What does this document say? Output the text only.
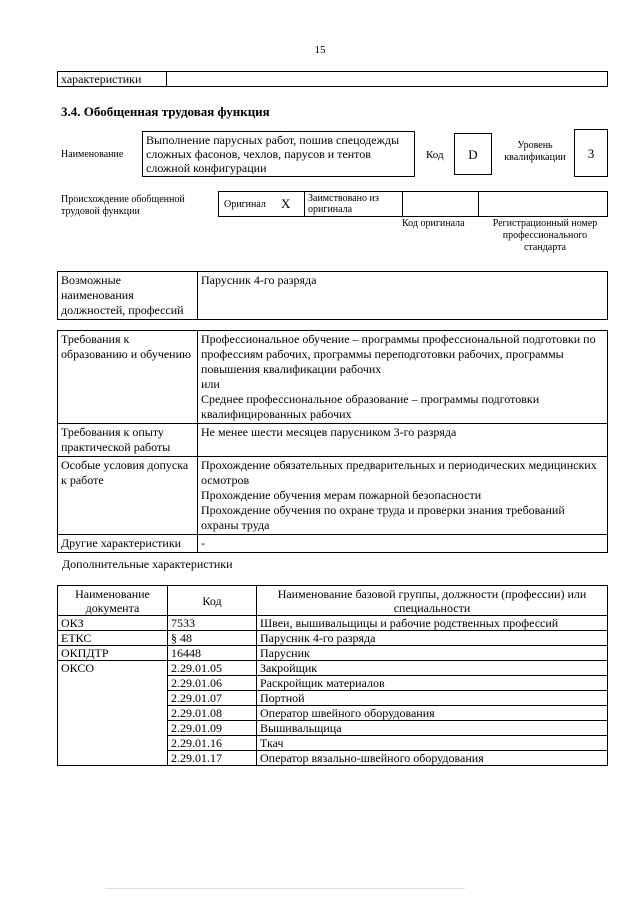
15
характеристики	
3.4. Обобщенная трудовая функция
Наименование
Выполнение парусных работ, пошив спецодежды сложных фасонов, чехлов, парусов и тентов сложной конфигурации
Код	D
Уровень квалификации	3
Происхождение обобщенной трудовой функции
Оригинал X Заимствовано из оригинала
Код оригинала	Регистрационный номер профессионального стандарта
Возможные наименования должностей, профессий	Парусник 4-го разряда
Требования к образованию и обучению	Профессиональное обучение – программы профессиональной подготовки по профессиям рабочих, программы переподготовки рабочих, программы повышения квалификации рабочих
или
Среднее профессиональное образование – программы подготовки квалифицированных рабочих

Требования к опыту практической работы	Не менее шести месяцев парусником 3-го разряда

Особые условия допуска к работе	Прохождение обязательных предварительных и периодических медицинских осмотров
Прохождение обучения мерам пожарной безопасности
Прохождение обучения по охране труда и проверки знания требований охраны труда

Другие характеристики	-
Дополнительные характеристики
Наименование документа	Код	Наименование базовой группы, должности (профессии) или специальности
ОКЗ	7533	Швеи, вышивальщицы и рабочие родственных профессий
ЕТКС	§ 48	Парусник 4-го разряда
ОКПДТР	16448	Парусник
ОКСО	2.29.01.05	Закройщик
	2.29.01.06	Раскройщик материалов
	2.29.01.07	Портной
	2.29.01.08	Оператор швейного оборудования
	2.29.01.09	Вышивальщица
	2.29.01.16	Ткач
	2.29.01.17	Оператор вязально-швейного оборудования
